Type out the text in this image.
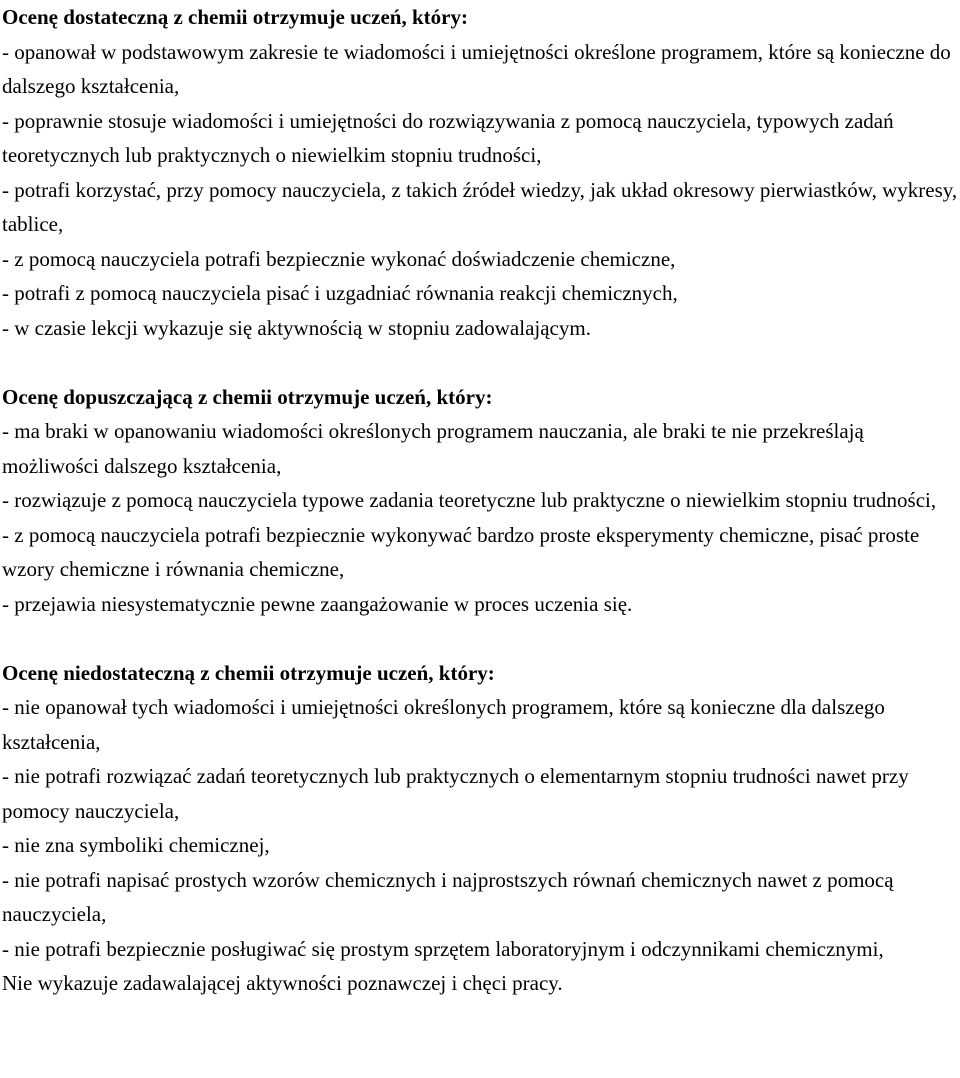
Ocenę dostateczną z chemii otrzymuje uczeń, który:
- opanował w podstawowym zakresie te wiadomości i umiejętności określone programem, które są konieczne do dalszego kształcenia,
- poprawnie stosuje wiadomości i umiejętności do rozwiązywania z pomocą nauczyciela, typowych zadań teoretycznych lub praktycznych o niewielkim stopniu trudności,
- potrafi korzystać, przy pomocy nauczyciela, z takich źródeł wiedzy, jak układ okresowy pierwiastków, wykresy, tablice,
- z pomocą nauczyciela potrafi bezpiecznie wykonać doświadczenie chemiczne,
- potrafi z pomocą nauczyciela pisać i uzgadniać równania reakcji chemicznych,
- w czasie lekcji wykazuje się aktywnością w stopniu zadowalającym.
Ocenę dopuszczającą z chemii otrzymuje uczeń, który:
- ma braki w opanowaniu wiadomości określonych programem nauczania, ale braki te nie przekreślają możliwości dalszego kształcenia,
- rozwiązuje z pomocą nauczyciela typowe zadania teoretyczne lub praktyczne o niewielkim stopniu trudności,
- z pomocą nauczyciela potrafi bezpiecznie wykonywać bardzo proste eksperymenty chemiczne, pisać proste wzory chemiczne i równania chemiczne,
- przejawia niesystematycznie pewne zaangażowanie w proces uczenia się.
Ocenę niedostateczną z chemii otrzymuje uczeń, który:
- nie opanował tych wiadomości i umiejętności określonych programem, które są konieczne dla dalszego kształcenia,
- nie potrafi rozwiązać zadań teoretycznych lub praktycznych o elementarnym stopniu trudności nawet przy pomocy nauczyciela,
- nie zna symboliki chemicznej,
- nie potrafi napisać prostych wzorów chemicznych i najprostszych równań chemicznych nawet z pomocą nauczyciela,
- nie potrafi bezpiecznie posługiwać się prostym sprzętem laboratoryjnym i odczynnikami chemicznymi,
Nie wykazuje zadawalającej aktywności poznawczej i chęci pracy.
